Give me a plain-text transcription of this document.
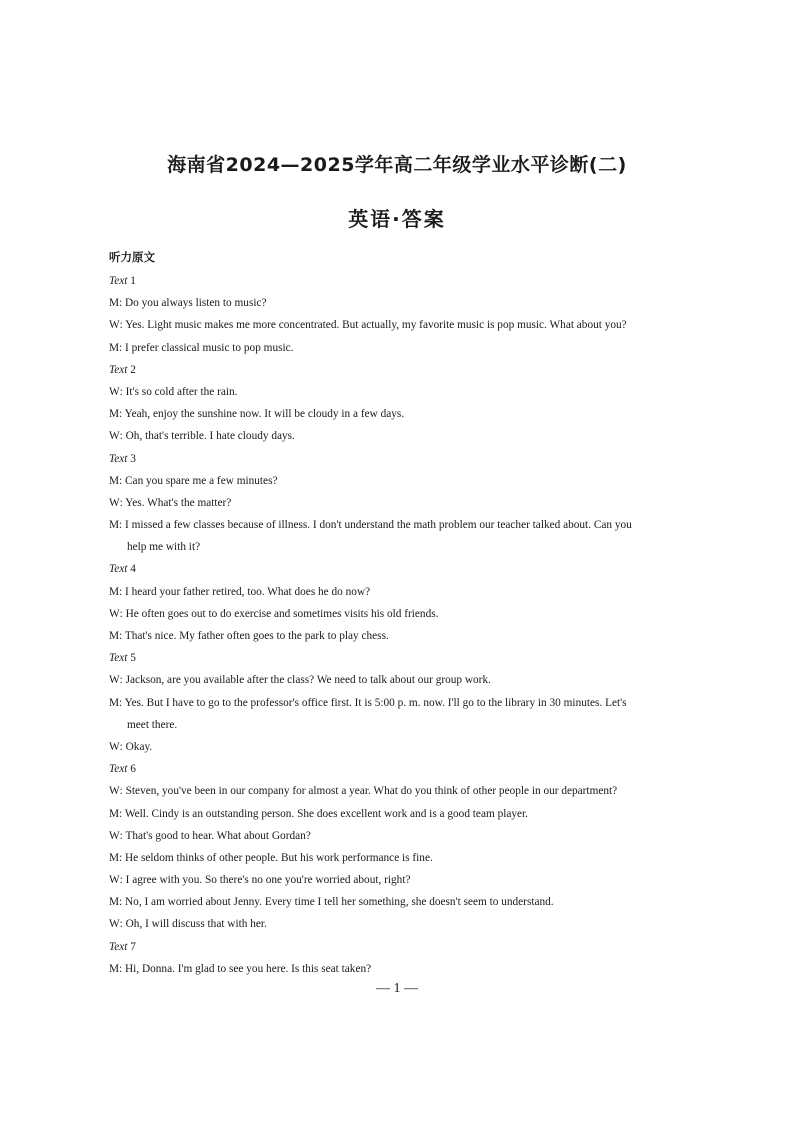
海南省2024—2025学年高二年级学业水平诊断(二)
英语·答案
听力原文
Text 1
M: Do you always listen to music?
W: Yes. Light music makes me more concentrated. But actually, my favorite music is pop music. What about you?
M: I prefer classical music to pop music.
Text 2
W: It's so cold after the rain.
M: Yeah, enjoy the sunshine now. It will be cloudy in a few days.
W: Oh, that's terrible. I hate cloudy days.
Text 3
M: Can you spare me a few minutes?
W: Yes. What's the matter?
M: I missed a few classes because of illness. I don't understand the math problem our teacher talked about. Can you
help me with it?
Text 4
M: I heard your father retired, too. What does he do now?
W: He often goes out to do exercise and sometimes visits his old friends.
M: That's nice. My father often goes to the park to play chess.
Text 5
W: Jackson, are you available after the class? We need to talk about our group work.
M: Yes. But I have to go to the professor's office first. It is 5:00 p. m. now. I'll go to the library in 30 minutes. Let's
meet there.
W: Okay.
Text 6
W: Steven, you've been in our company for almost a year. What do you think of other people in our department?
M: Well. Cindy is an outstanding person. She does excellent work and is a good team player.
W: That's good to hear. What about Gordan?
M: He seldom thinks of other people. But his work performance is fine.
W: I agree with you. So there's no one you're worried about, right?
M: No, I am worried about Jenny. Every time I tell her something, she doesn't seem to understand.
W: Oh, I will discuss that with her.
Text 7
M: Hi, Donna. I'm glad to see you here. Is this seat taken?
— 1 —
